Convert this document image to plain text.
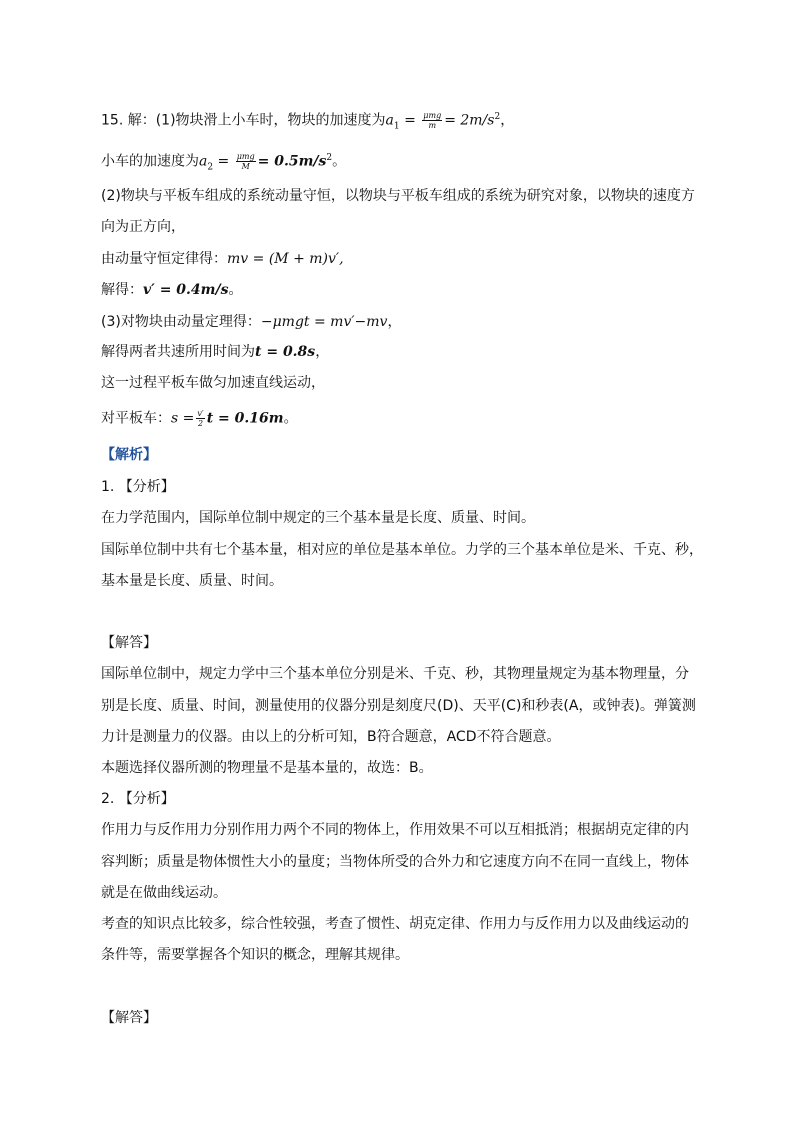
15. 解：(1)物块滑上小车时，物块的加速度为$a_1 = \frac{\text{μmg}}{m} = 2m/s^2$，
小车的加速度为$a_2 = \frac{\text{μmg}}{M} = 0.5m/s^2$。
(2)物块与平板车组成的系统动量守恒，以物块与平板车组成的系统为研究对象，以物块的速度方
向为正方向，
由动量守恒定律得：mv = (M + m)v′,
解得：v′ = 0.4m/s。
(3)对物块由动量定理得：−μmgt = mv′−mv，
解得两者共速所用时间为t = 0.8s，
这一过程平板车做匀加速直线运动，
对平板车：$s = \frac{v'}{2}$ t = 0.16m。
【解析】
1. 【分析】
在力学范围内，国际单位制中规定的三个基本量是长度、质量、时间。
国际单位制中共有七个基本量，相对应的单位是基本单位。力学的三个基本单位是米、千克、秒，
基本量是长度、质量、时间。
【解答】
国际单位制中，规定力学中三个基本单位分别是米、千克、秒，其物理量规定为基本物理量，分
别是长度、质量、时间，测量使用的仪器分别是刻度尺(D)、天平(C)和秒表(A，或钟表)。弹簧测
力计是测量力的仪器。由以上的分析可知，B符合题意，ACD不符合题意。
本题选择仪器所测的物理量不是基本量的，故选：B。
2. 【分析】
作用力与反作用力分别作用力两个不同的物体上，作用效果不可以互相抵消；根据胡克定律的内
容判断；质量是物体惯性大小的量度；当物体所受的合外力和它速度方向不在同一直线上，物体
就是在做曲线运动。
考查的知识点比较多，综合性较强，考查了惯性、胡克定律、作用力与反作用力以及曲线运动的
条件等，需要掌握各个知识的概念，理解其规律。
【解答】
